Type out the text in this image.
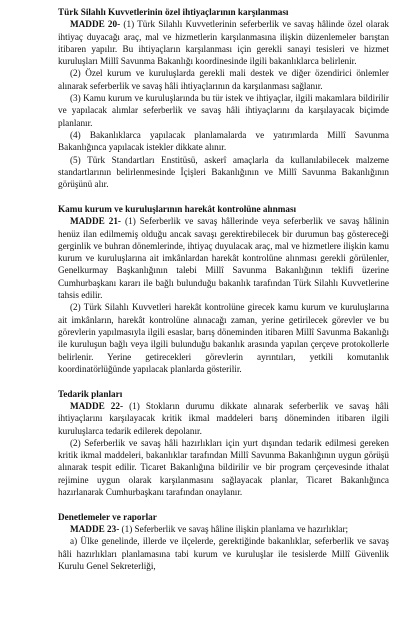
Türk Silahlı Kuvvetlerinin özel ihtiyaçlarının karşılanması

MADDE 20- (1) Türk Silahlı Kuvvetlerinin seferberlik ve savaş hâlinde özel olarak ihtiyaç duyacağı araç, mal ve hizmetlerin karşılanmasına ilişkin düzenlemeler barıştan itibaren yapılır. Bu ihtiyaçların karşılanması için gerekli sanayi tesisleri ve hizmet kuruluşları Millî Savunma Bakanlığı koordinesinde ilgili bakanlıklarca belirlenir.

(2) Özel kurum ve kuruluşlarda gerekli mali destek ve diğer özendirici önlemler alınarak seferberlik ve savaş hâli ihtiyaçlarının da karşılanması sağlanır.

(3) Kamu kurum ve kuruluşlarında bu tür istek ve ihtiyaçlar, ilgili makamlara bildirilir ve yapılacak alımlar seferberlik ve savaş hâli ihtiyaçlarını da karşılayacak biçimde planlanır.

(4) Bakanlıklarca yapılacak planlamalarda ve yatırımlarda Millî Savunma Bakanlığınca yapılacak istekler dikkate alınır.

(5) Türk Standartları Enstitüsü, askerî amaçlarla da kullanılabilecek malzeme standartlarının belirlenmesinde İçişleri Bakanlığının ve Millî Savunma Bakanlığının görüşünü alır.

Kamu kurum ve kuruluşlarının harekât kontrolüne alınması

MADDE 21- (1) Seferberlik ve savaş hâllerinde veya seferberlik ve savaş hâlinin henüz ilan edilmemiş olduğu ancak savaşı gerektirebilecek bir durumun baş göstereceği gerginlik ve buhran dönemlerinde, ihtiyaç duyulacak araç, mal ve hizmetlere ilişkin kamu kurum ve kuruluşlarına ait imkânlardan harekât kontrolüne alınması gerekli görülenler, Genelkurmay Başkanlığının talebi Millî Savunma Bakanlığının teklifi üzerine Cumhurbaşkanı kararı ile bağlı bulunduğu bakanlık tarafından Türk Silahlı Kuvvetlerine tahsis edilir.

(2) Türk Silahlı Kuvvetleri harekât kontrolüne girecek kamu kurum ve kuruluşlarına ait imkânların, harekât kontrolüne alınacağı zaman, yerine getirilecek görevler ve bu görevlerin yapılmasıyla ilgili esaslar, barış döneminden itibaren Millî Savunma Bakanlığı ile kuruluşun bağlı veya ilgili bulunduğu bakanlık arasında yapılan çerçeve protokollerle belirlenir. Yerine getirecekleri görevlerin ayrıntıları, yetkili komutanlık koordinatörlüğünde yapılacak planlarda gösterilir.

Tedarik planları

MADDE 22- (1) Stokların durumu dikkate alınarak seferberlik ve savaş hâli ihtiyaçlarını karşılayacak kritik ikmal maddeleri barış döneminden itibaren ilgili kuruluşlarca tedarik edilerek depolanır.

(2) Seferberlik ve savaş hâli hazırlıkları için yurt dışından tedarik edilmesi gereken kritik ikmal maddeleri, bakanlıklar tarafından Millî Savunma Bakanlığının uygun görüşü alınarak tespit edilir. Ticaret Bakanlığına bildirilir ve bir program çerçevesinde ithalat rejimine uygun olarak karşılanmasını sağlayacak planlar, Ticaret Bakanlığınca hazırlanarak Cumhurbaşkanı tarafından onaylanır.

Denetlemeler ve raporlar

MADDE 23- (1) Seferberlik ve savaş hâline ilişkin planlama ve hazırlıklar;

a) Ülke genelinde, illerde ve ilçelerde, gerektiğinde bakanlıklar, seferberlik ve savaş hâli hazırlıkları planlamasına tabi kurum ve kuruluşlar ile tesislerde Millî Güvenlik Kurulu Genel Sekreterliği,
